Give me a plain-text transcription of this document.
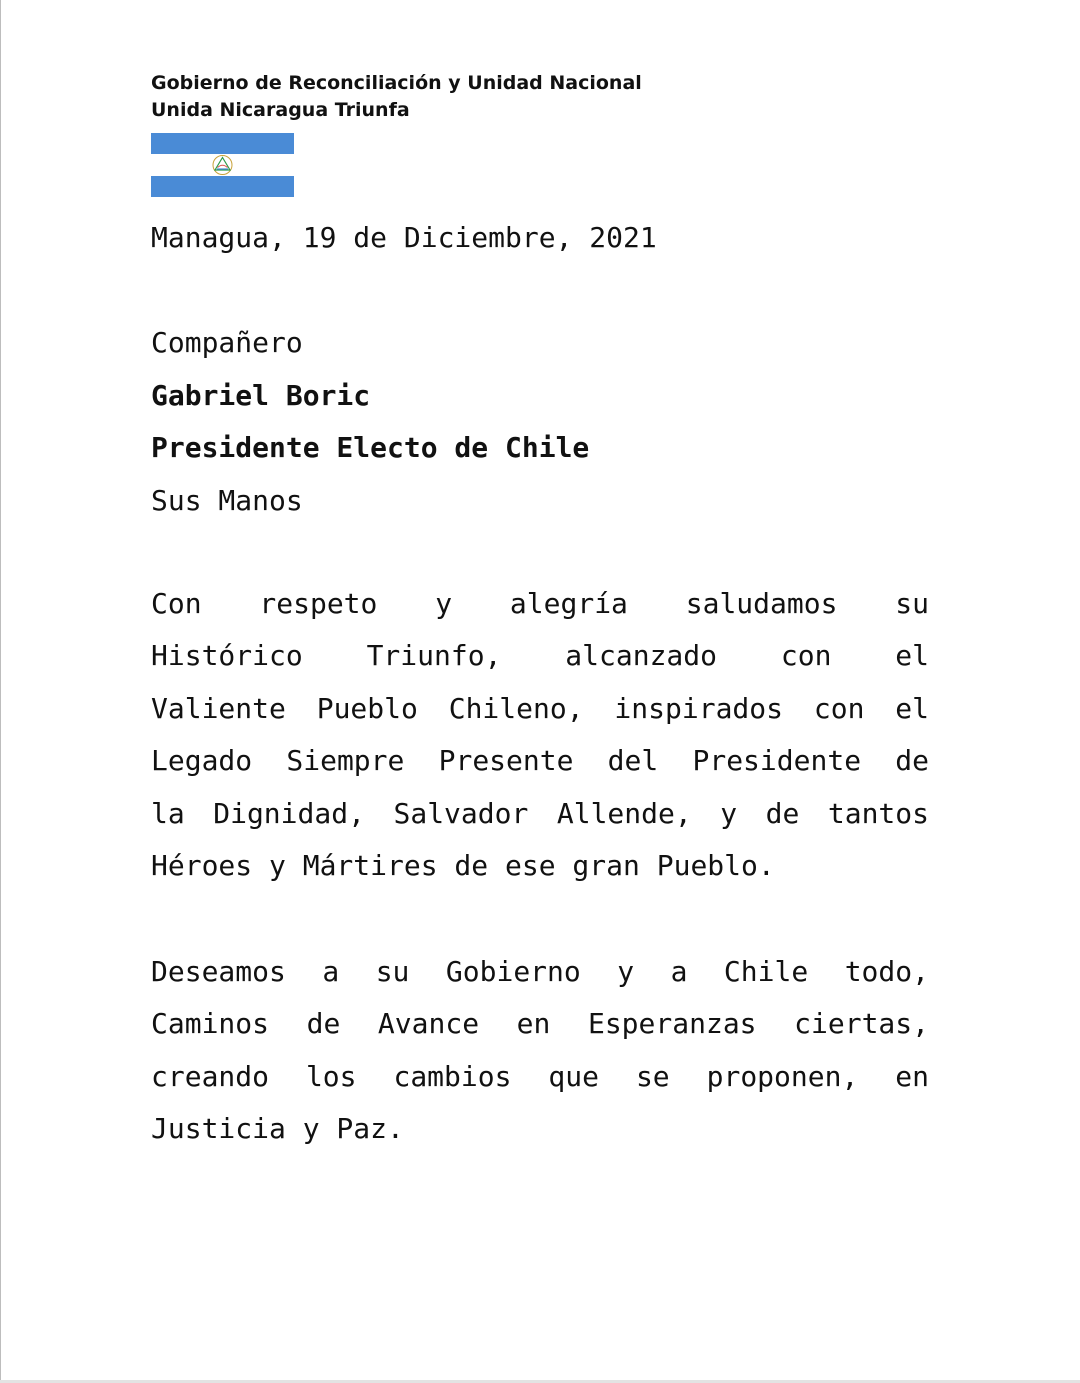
Gobierno de Reconciliación y Unidad Nacional
Unida Nicaragua Triunfa
Managua, 19 de Diciembre, 2021
Compañero
Gabriel Boric
Presidente Electo de Chile
Sus Manos
Con respeto y alegría saludamos su
Histórico Triunfo, alcanzado con el
Valiente Pueblo Chileno, inspirados con el
Legado Siempre Presente del Presidente de
la Dignidad, Salvador Allende, y de tantos
Héroes y Mártires de ese gran Pueblo.
Deseamos a su Gobierno y a Chile todo,
Caminos de Avance en Esperanzas ciertas,
creando los cambios que se proponen, en
Justicia y Paz.
